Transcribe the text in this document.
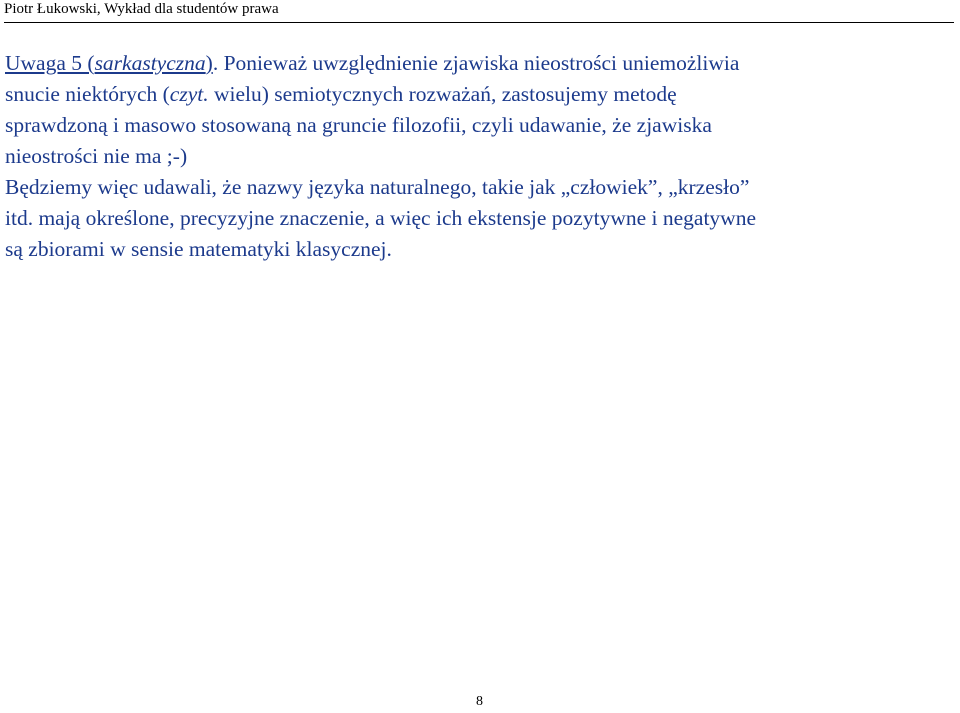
Piotr Łukowski, Wykład dla studentów prawa

Uwaga 5 (sarkastyczna). Ponieważ uwzględnienie zjawiska nieostrości uniemożliwia
snucie niektórych (czyt. wielu) semiotycznych rozważań, zastosujemy metodę
sprawdzoną i masowo stosowaną na gruncie filozofii, czyli udawanie, że zjawiska
nieostrości nie ma ;-)

Będziemy więc udawali, że nazwy języka naturalnego, takie jak „człowiek”, „krzesło”
itd. mają określone, precyzyjne znaczenie, a więc ich ekstensje pozytywne i negatywne
są zbiorami w sensie matematyki klasycznej.

8
